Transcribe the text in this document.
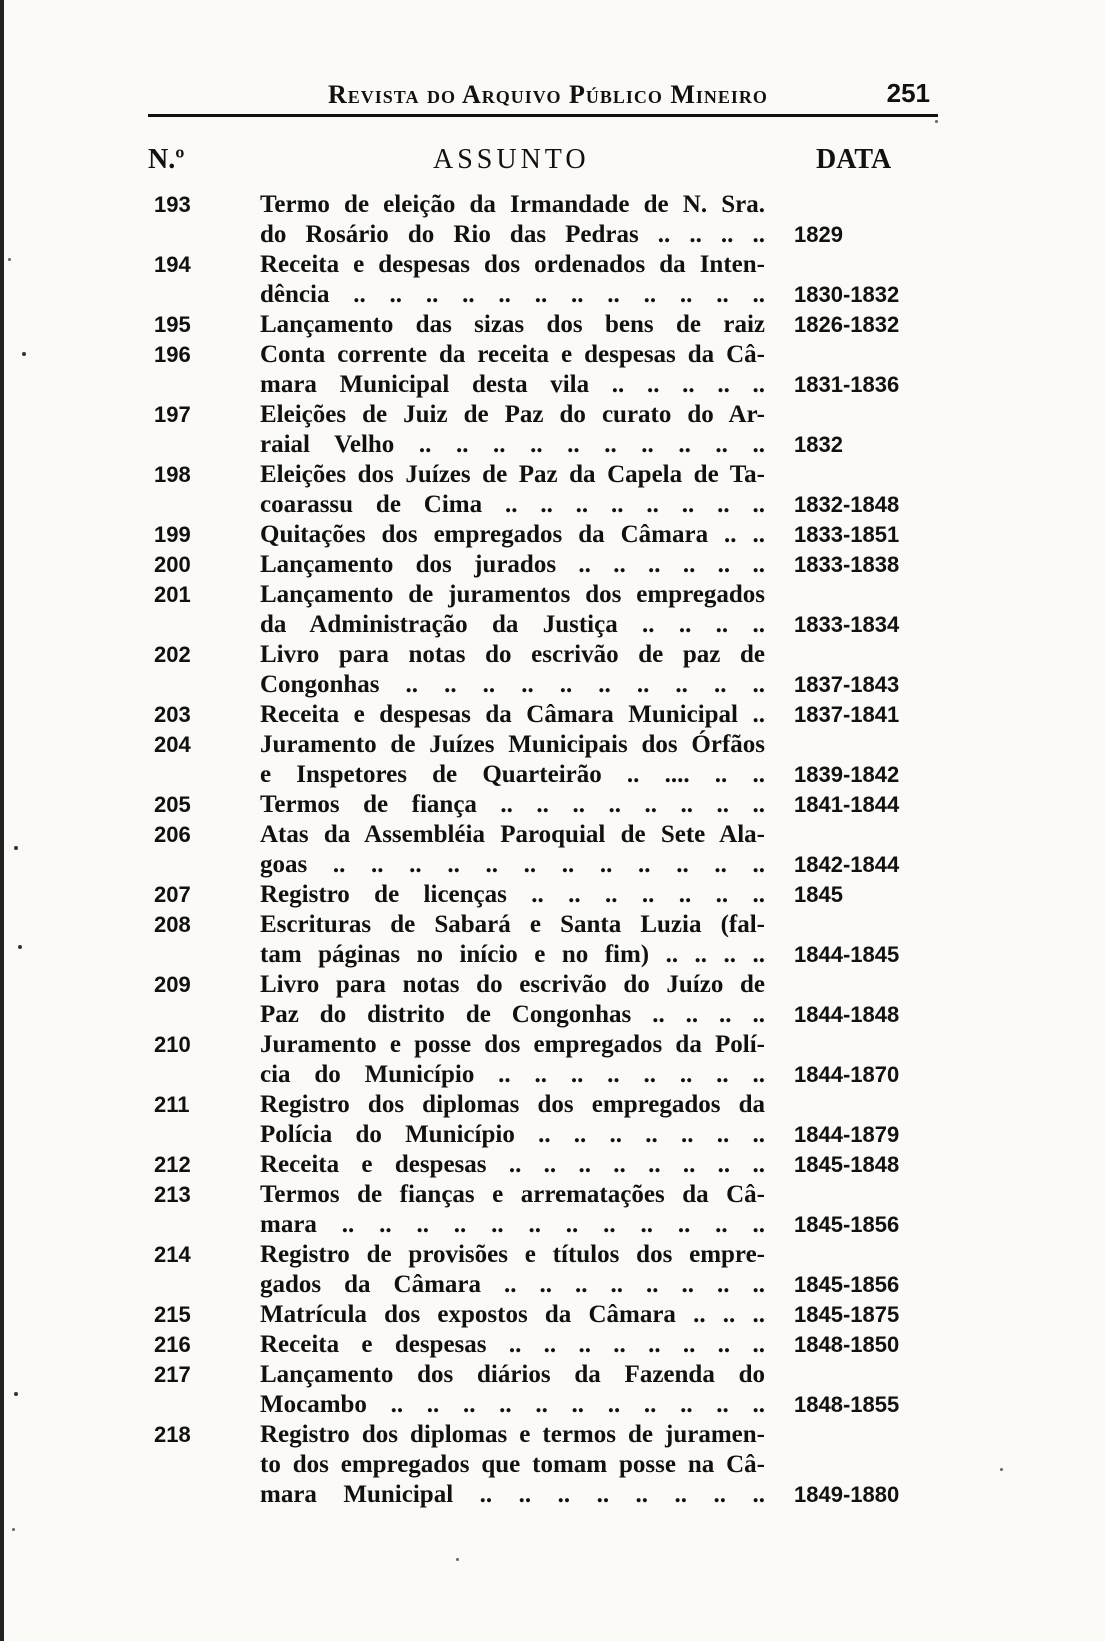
Revista do Arquivo Público Mineiro	251
N.º	ASSUNTO	DATA
193	Termo de eleição da Irmandade de N. Sra.
do Rosário do Rio das Pedras .. .. .. .. 1829
194	Receita e despesas dos ordenados da Inten-
dência .. .. .. .. .. .. .. .. .. .. .. .. 1830-1832
195	Lançamento das sizas dos bens de raiz 1826-1832
196	Conta corrente da receita e despesas da Câ-
mara Municipal desta vila .. .. .. .. .. 1831-1836
197	Eleições de Juiz de Paz do curato do Ar-
raial Velho .. .. .. .. .. .. .. .. .. .. 1832
198	Eleições dos Juízes de Paz da Capela de Ta-
coarassu de Cima .. .. .. .. .. .. .. .. 1832-1848
199	Quitações dos empregados da Câmara .. .. 1833-1851
200	Lançamento dos jurados .. .. .. .. .. .. 1833-1838
201	Lançamento de juramentos dos empregados
da Administração da Justiça .. .. .. .. 1833-1834
202	Livro para notas do escrivão de paz de
Congonhas .. .. .. .. .. .. .. .. .. .. 1837-1843
203	Receita e despesas da Câmara Municipal .. 1837-1841
204	Juramento de Juízes Municipais dos Órfãos
e Inspetores de Quarteirão .. .... .. .. 1839-1842
205	Termos de fiança .. .. .. .. .. .. .. .. 1841-1844
206	Atas da Assembléia Paroquial de Sete Ala-
goas .. .. .. .. .. .. .. .. .. .. .. .. 1842-1844
207	Registro de licenças .. .. .. .. .. .. .. 1845
208	Escrituras de Sabará e Santa Luzia (fal-
tam páginas no início e no fim) .. .. .. .. 1844-1845
209	Livro para notas do escrivão do Juízo de
Paz do distrito de Congonhas .. .. .. .. 1844-1848
210	Juramento e posse dos empregados da Polí-
cia do Município .. .. .. .. .. .. .. .. 1844-1870
211	Registro dos diplomas dos empregados da
Polícia do Município .. .. .. .. .. .. .. 1844-1879
212	Receita e despesas .. .. .. .. .. .. .. .. 1845-1848
213	Termos de fianças e arrematações da Câ-
mara .. .. .. .. .. .. .. .. .. .. .. .. 1845-1856
214	Registro de provisões e títulos dos empre-
gados da Câmara .. .. .. .. .. .. .. .. 1845-1856
215	Matrícula dos expostos da Câmara .. .. .. 1845-1875
216	Receita e despesas .. .. .. .. .. .. .. .. 1848-1850
217	Lançamento dos diários da Fazenda do
Mocambo .. .. .. .. .. .. .. .. .. .. .. 1848-1855
218	Registro dos diplomas e termos de juramen-
to dos empregados que tomam posse na Câ-
mara Municipal .. .. .. .. .. .. .. .. 1849-1880
